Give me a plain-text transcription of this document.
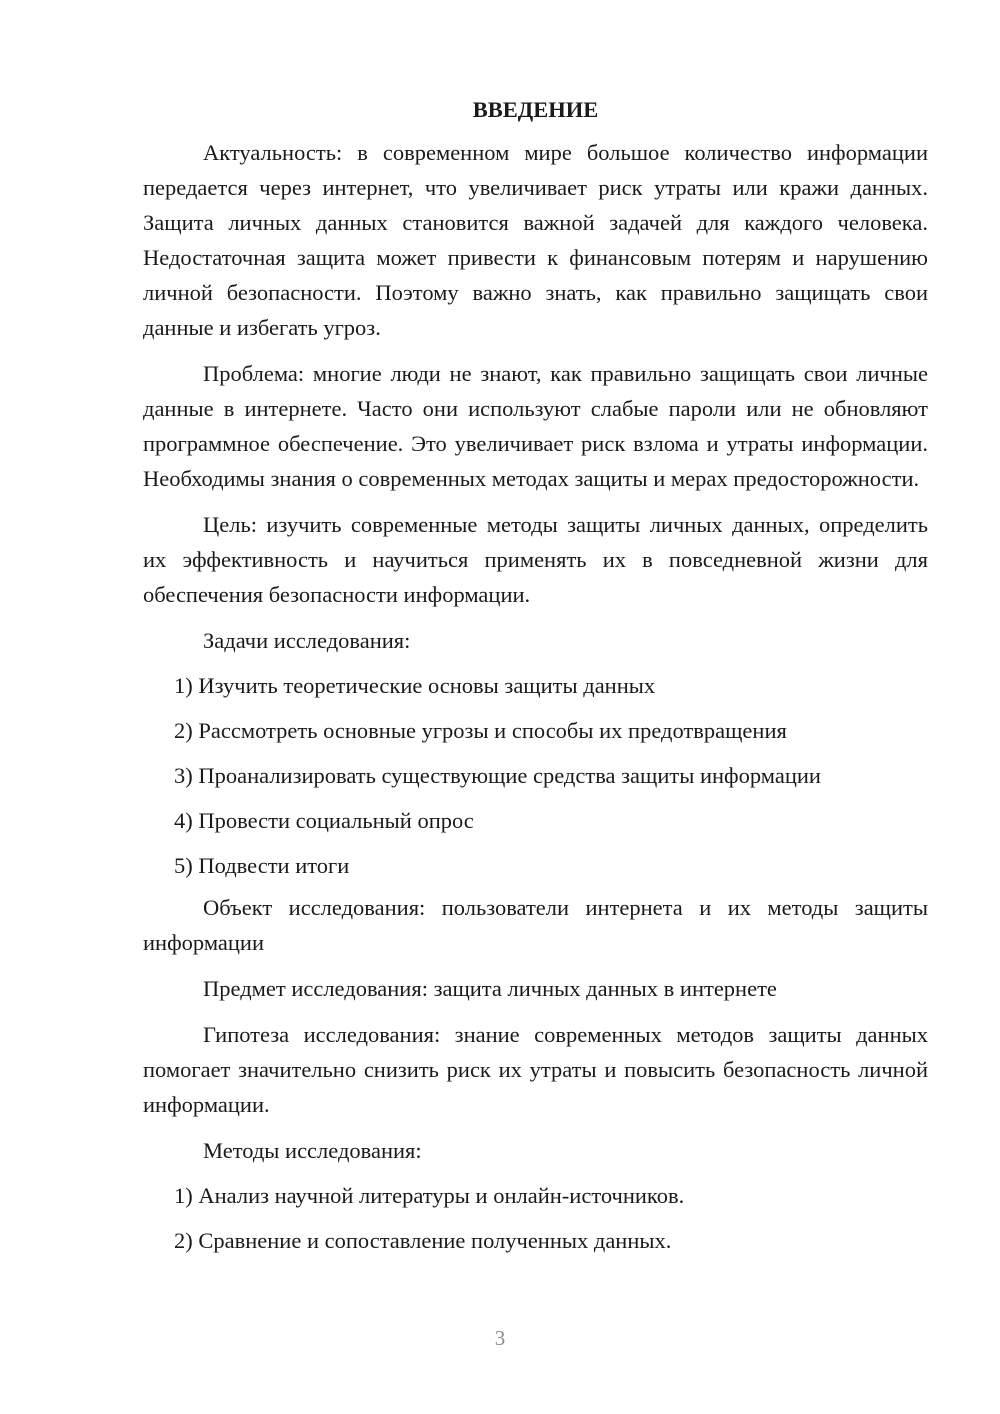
ВВЕДЕНИЕ

Актуальность: в современном мире большое количество информации передается через интернет, что увеличивает риск утраты или кражи данных. Защита личных данных становится важной задачей для каждого человека. Недостаточная защита может привести к финансовым потерям и нарушению личной безопасности. Поэтому важно знать, как правильно защищать свои данные и избегать угроз.

Проблема: многие люди не знают, как правильно защищать свои личные данные в интернете. Часто они используют слабые пароли или не обновляют программное обеспечение. Это увеличивает риск взлома и утраты информации. Необходимы знания о современных методах защиты и мерах предосторожности.

Цель: изучить современные методы защиты личных данных, определить их эффективность и научиться применять их в повседневной жизни для обеспечения безопасности информации.

Задачи исследования:
1) Изучить теоретические основы защиты данных
2) Рассмотреть основные угрозы и способы их предотвращения
3) Проанализировать существующие средства защиты информации
4) Провести социальный опрос
5) Подвести итоги

Объект исследования: пользователи интернета и их методы защиты информации

Предмет исследования: защита личных данных в интернете

Гипотеза исследования: знание современных методов защиты данных помогает значительно снизить риск их утраты и повысить безопасность личной информации.

Методы исследования:
1) Анализ научной литературы и онлайн-источников.
2) Сравнение и сопоставление полученных данных.
3
